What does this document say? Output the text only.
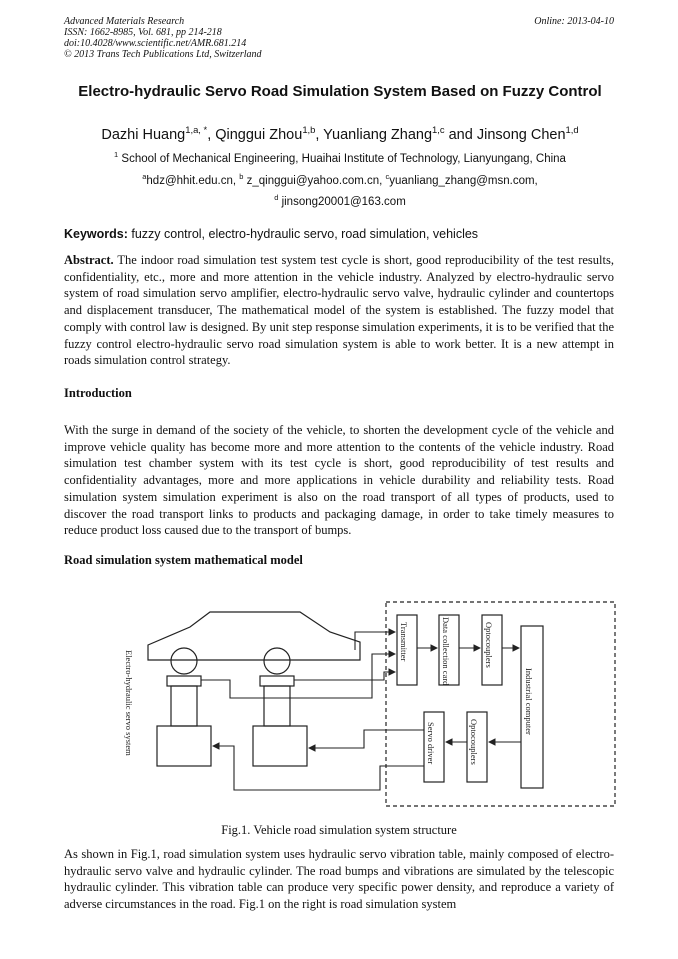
Advanced Materials Research
ISSN: 1662-8985, Vol. 681, pp 214-218
doi:10.4028/www.scientific.net/AMR.681.214
© 2013 Trans Tech Publications Ltd, Switzerland
Online: 2013-04-10
Electro-hydraulic Servo Road Simulation System Based on Fuzzy Control
Dazhi Huang$^{1,a, *}$, Qinggui Zhou$^{1,b}$, Yuanliang Zhang$^{1,c}$ and Jinsong Chen$^{1,d}$
$^1$ School of Mechanical Engineering, Huaihai Institute of Technology, Lianyungang, China
$^a$hdz@hhit.edu.cn, $^b$ z_qinggui@yahoo.com.cn, $^c$yuanliang_zhang@msn.com,
$^d$ jinsong20001@163.com
Keywords: fuzzy control, electro-hydraulic servo, road simulation, vehicles
Abstract. The indoor road simulation test system test cycle is short, good reproducibility of the test results, confidentiality, etc., more and more attention in the vehicle industry. Analyzed by electro-hydraulic servo system of road simulation servo amplifier, electro-hydraulic servo valve, hydraulic cylinder and countertops and displacement transducer, The mathematical model of the system is established. The fuzzy model that comply with control law is designed. By unit step response simulation experiments, it is to be verified that the fuzzy control electro-hydraulic servo road simulation system is able to work better. It is a new attempt in roads simulation control strategy.
Introduction
With the surge in demand of the society of the vehicle, to shorten the development cycle of the vehicle and improve vehicle quality has become more and more attention to the contents of the vehicle industry. Road simulation test chamber system with its test cycle is short, good reproducibility of test results and confidentiality advantages, more and more applications in vehicle durability and reliability tests. Road simulation system simulation experiment is also on the road transport of all types of products, used to discover the road transport links to products and packaging damage, in order to take timely measures to reduce product loss caused due to the transport of bumps.
Road simulation system mathematical model
Electro-hydraulic servo system
Transmitter	Data collection card	Optocouplers
Industrial computer
Optocouplers
Servo driver
Fig.1. Vehicle road simulation system structure
As shown in Fig.1, road simulation system uses hydraulic servo vibration table, mainly composed of electro-hydraulic servo valve and hydraulic cylinder. The road bumps and vibrations are simulated by the telescopic hydraulic cylinder. This vibration table can produce very specific power density, and reproduce a variety of adverse circumstances in the road. Fig.1 on the right is road simulation system
